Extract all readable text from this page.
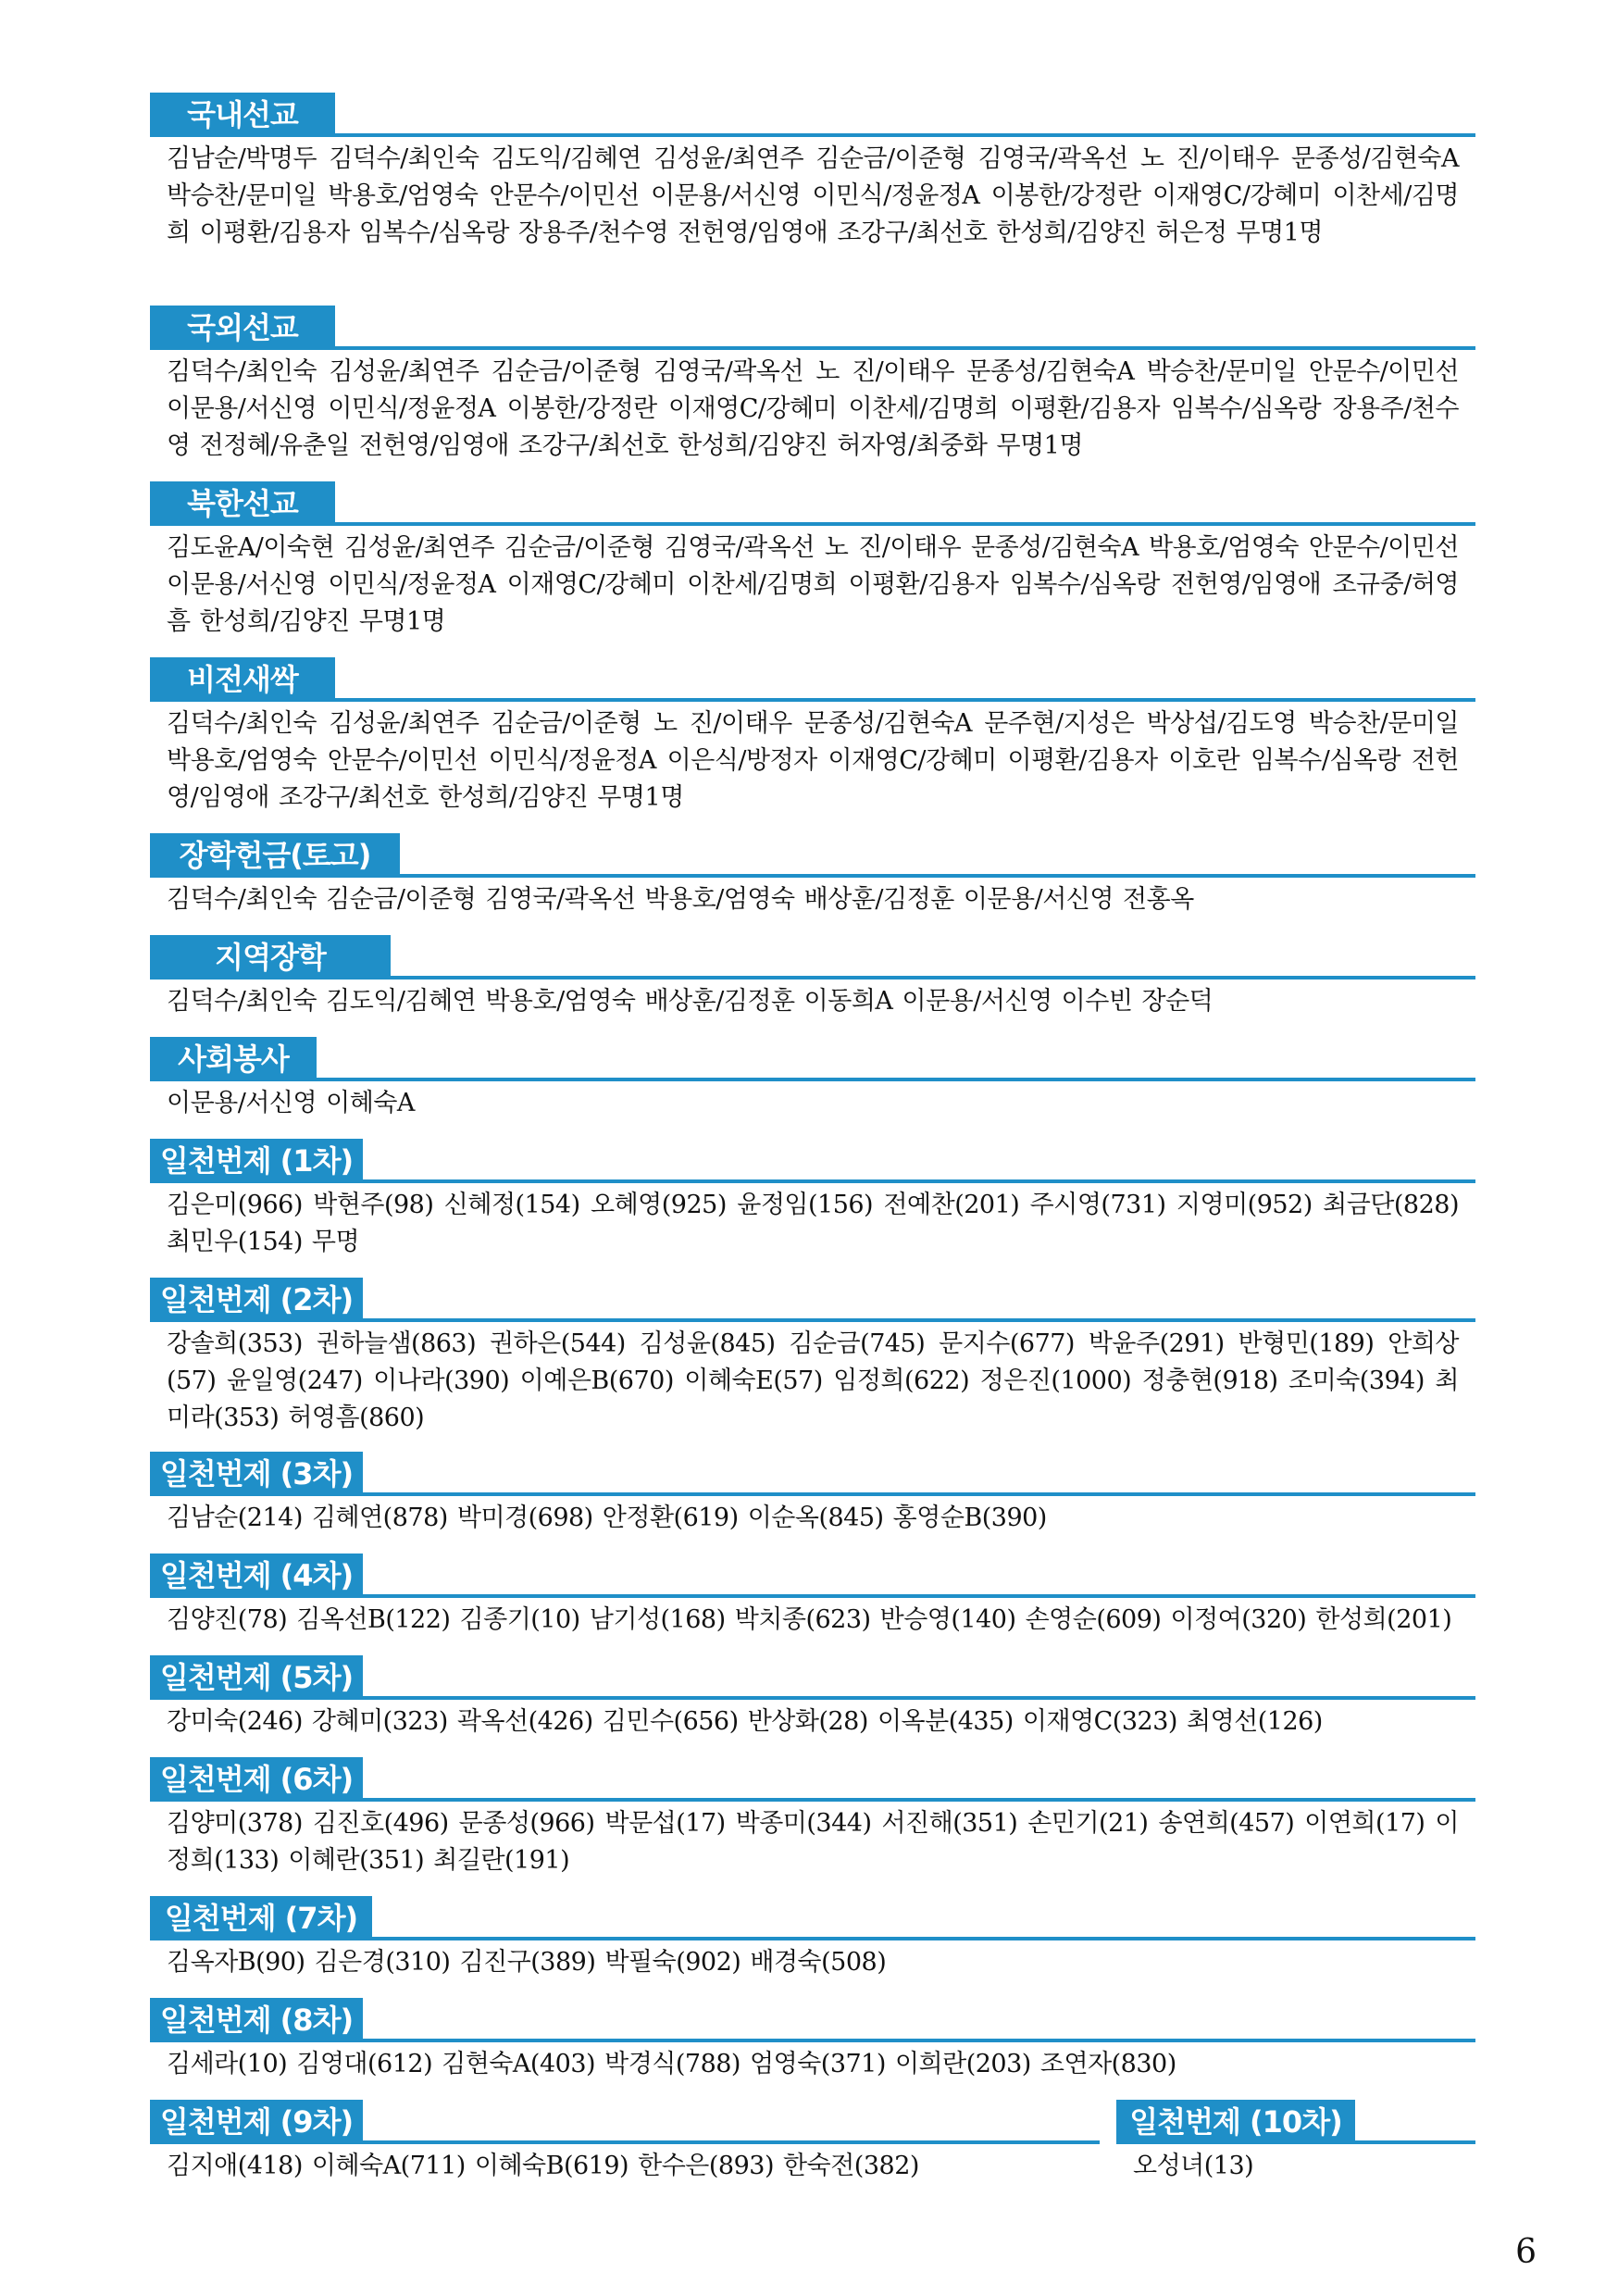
국내선교
김남순/박명두 김덕수/최인숙 김도익/김혜연 김성윤/최연주 김순금/이준형 김영국/곽옥선 노 진/이태우 문종성/김현숙A 박승찬/문미일 박용호/엄영숙 안문수/이민선 이문용/서신영 이민식/정윤정A 이봉한/강정란 이재영C/강혜미 이찬세/김명희 이평환/김용자 임복수/심옥랑 장용주/천수영 전헌영/임영애 조강구/최선호 한성희/김양진 허은정 무명1명
국외선교
김덕수/최인숙 김성윤/최연주 김순금/이준형 김영국/곽옥선 노 진/이태우 문종성/김현숙A 박승찬/문미일 안문수/이민선 이문용/서신영 이민식/정윤정A 이봉한/강정란 이재영C/강혜미 이찬세/김명희 이평환/김용자 임복수/심옥랑 장용주/천수영 전정혜/유춘일 전헌영/임영애 조강구/최선호 한성희/김양진 허자영/최중화 무명1명
북한선교
김도윤A/이숙현 김성윤/최연주 김순금/이준형 김영국/곽옥선 노 진/이태우 문종성/김현숙A 박용호/엄영숙 안문수/이민선 이문용/서신영 이민식/정윤정A 이재영C/강혜미 이찬세/김명희 이평환/김용자 임복수/심옥랑 전헌영/임영애 조규중/허영흠 한성희/김양진 무명1명
비전새싹
김덕수/최인숙 김성윤/최연주 김순금/이준형 노 진/이태우 문종성/김현숙A 문주현/지성은 박상섭/김도영 박승찬/문미일 박용호/엄영숙 안문수/이민선 이민식/정윤정A 이은식/방정자 이재영C/강혜미 이평환/김용자 이호란 임복수/심옥랑 전헌영/임영애 조강구/최선호 한성희/김양진 무명1명
장학헌금(토고)
김덕수/최인숙 김순금/이준형 김영국/곽옥선 박용호/엄영숙 배상훈/김정훈 이문용/서신영 전홍옥
지역장학
김덕수/최인숙 김도익/김혜연 박용호/엄영숙 배상훈/김정훈 이동희A 이문용/서신영 이수빈 장순덕
사회봉사
이문용/서신영 이혜숙A
일천번제 (1차)
김은미(966) 박현주(98) 신혜정(154) 오혜영(925) 윤정임(156) 전예찬(201) 주시영(731) 지영미(952) 최금단(828) 최민우(154) 무명
일천번제 (2차)
강솔희(353) 권하늘샘(863) 권하은(544) 김성윤(845) 김순금(745) 문지수(677) 박윤주(291) 반형민(189) 안희상(57) 윤일영(247) 이나라(390) 이예은B(670) 이혜숙E(57) 임정희(622) 정은진(1000) 정충현(918) 조미숙(394) 최미라(353) 허영흠(860)
일천번제 (3차)
김남순(214) 김혜연(878) 박미경(698) 안정환(619) 이순옥(845) 홍영순B(390)
일천번제 (4차)
김양진(78) 김옥선B(122) 김종기(10) 남기성(168) 박치종(623) 반승영(140) 손영순(609) 이정여(320) 한성희(201)
일천번제 (5차)
강미숙(246) 강혜미(323) 곽옥선(426) 김민수(656) 반상화(28) 이옥분(435) 이재영C(323) 최영선(126)
일천번제 (6차)
김양미(378) 김진호(496) 문종성(966) 박문섭(17) 박종미(344) 서진해(351) 손민기(21) 송연희(457) 이연희(17) 이정희(133) 이혜란(351) 최길란(191)
일천번제 (7차)
김옥자B(90) 김은경(310) 김진구(389) 박필숙(902) 배경숙(508)
일천번제 (8차)
김세라(10) 김영대(612) 김현숙A(403) 박경식(788) 엄영숙(371) 이희란(203) 조연자(830)
일천번제 (9차)
김지애(418) 이혜숙A(711) 이혜숙B(619) 한수은(893) 한숙전(382)
일천번제 (10차)
오성녀(13)
6
